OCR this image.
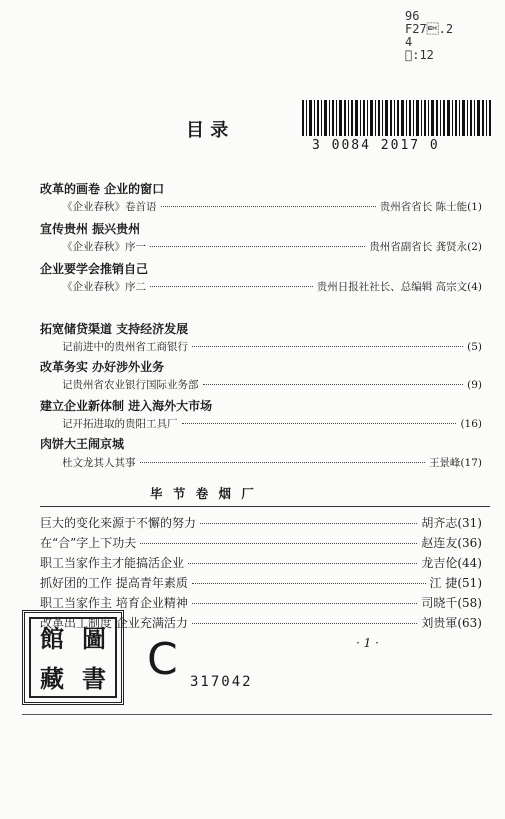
96
F27.2
4
 :12
3 0084 2017 0
目 录
改革的画卷 企业的窗口
《企业春秋》卷首语	贵州省省长 陈士能(1)
宣传贵州 振兴贵州
《企业春秋》序一	贵州省副省长 龚贤永(2)
企业要学会推销自己
《企业春秋》序二	贵州日报社社长、总编辑 高宗文(4)
拓宽储贷渠道 支持经济发展
记前进中的贵州省工商银行	(5)
改革务实 办好涉外业务
记贵州省农业银行国际业务部	(9)
建立企业新体制 进入海外大市场
记开拓进取的贵阳工具厂	(16)
肉饼大王闹京城
杜文龙其人其事	王景峰(17)
毕 节 卷 烟 厂
巨大的变化来源于不懈的努力	胡齐志(31)
在“合”字上下功夫	赵连友(36)
职工当家作主才能搞活企业	龙吉伦(44)
抓好团的工作 提高青年素质	江 捷(51)
职工当家作主 培育企业精神	司晓千(58)
改革出工制度 企业充满活力	刘贵軍(63)
· 1 ·
館 圖
藏 書 C 317042
